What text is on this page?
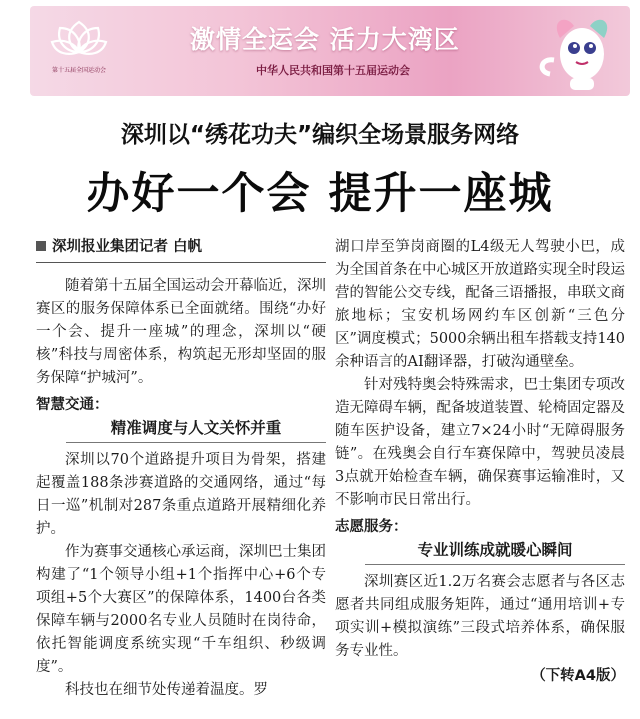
第十五届全国运动会
激情全运会 活力大湾区
中华人民共和国第十五届运动会
深圳以“绣花功夫”编织全场景服务网络
办好一个会 提升一座城
深圳报业集团记者 白帆

随着第十五届全国运动会开幕临近，深圳赛区的服务保障体系已全面就绪。围绕“办好一个会、提升一座城”的理念，深圳以“硬核”科技与周密体系，构筑起无形却坚固的服务保障“护城河”。

智慧交通：
精准调度与人文关怀并重

深圳以70个道路提升项目为骨架，搭建起覆盖188条涉赛道路的交通网络，通过“每日一巡”机制对287条重点道路开展精细化养护。

作为赛事交通核心承运商，深圳巴士集团构建了“1个领导小组+1个指挥中心+6个专项组+5个大赛区”的保障体系，1400台各类保障车辆与2000名专业人员随时在岗待命，依托智能调度系统实现“千车组织、秒级调度”。

科技也在细节处传递着温度。罗

湖口岸至笋岗商圈的L4级无人驾驶小巴，成为全国首条在中心城区开放道路实现全时段运营的智能公交专线，配备三语播报，串联文商旅地标；宝安机场网约车区创新“三色分区”调度模式；5000余辆出租车搭载支持140余种语言的AI翻译器，打破沟通壁垒。

针对残特奥会特殊需求，巴士集团专项改造无障碍车辆，配备坡道装置、轮椅固定器及随车医护设备，建立7×24小时“无障碍服务链”。在残奥会自行车赛保障中，驾驶员凌晨3点就开始检查车辆，确保赛事运输准时，又不影响市民日常出行。

志愿服务：
专业训练成就暖心瞬间

深圳赛区近1.2万名赛会志愿者与各区志愿者共同组成服务矩阵，通过“通用培训+专项实训+模拟演练”三段式培养体系，确保服务专业性。

（下转A4版）
